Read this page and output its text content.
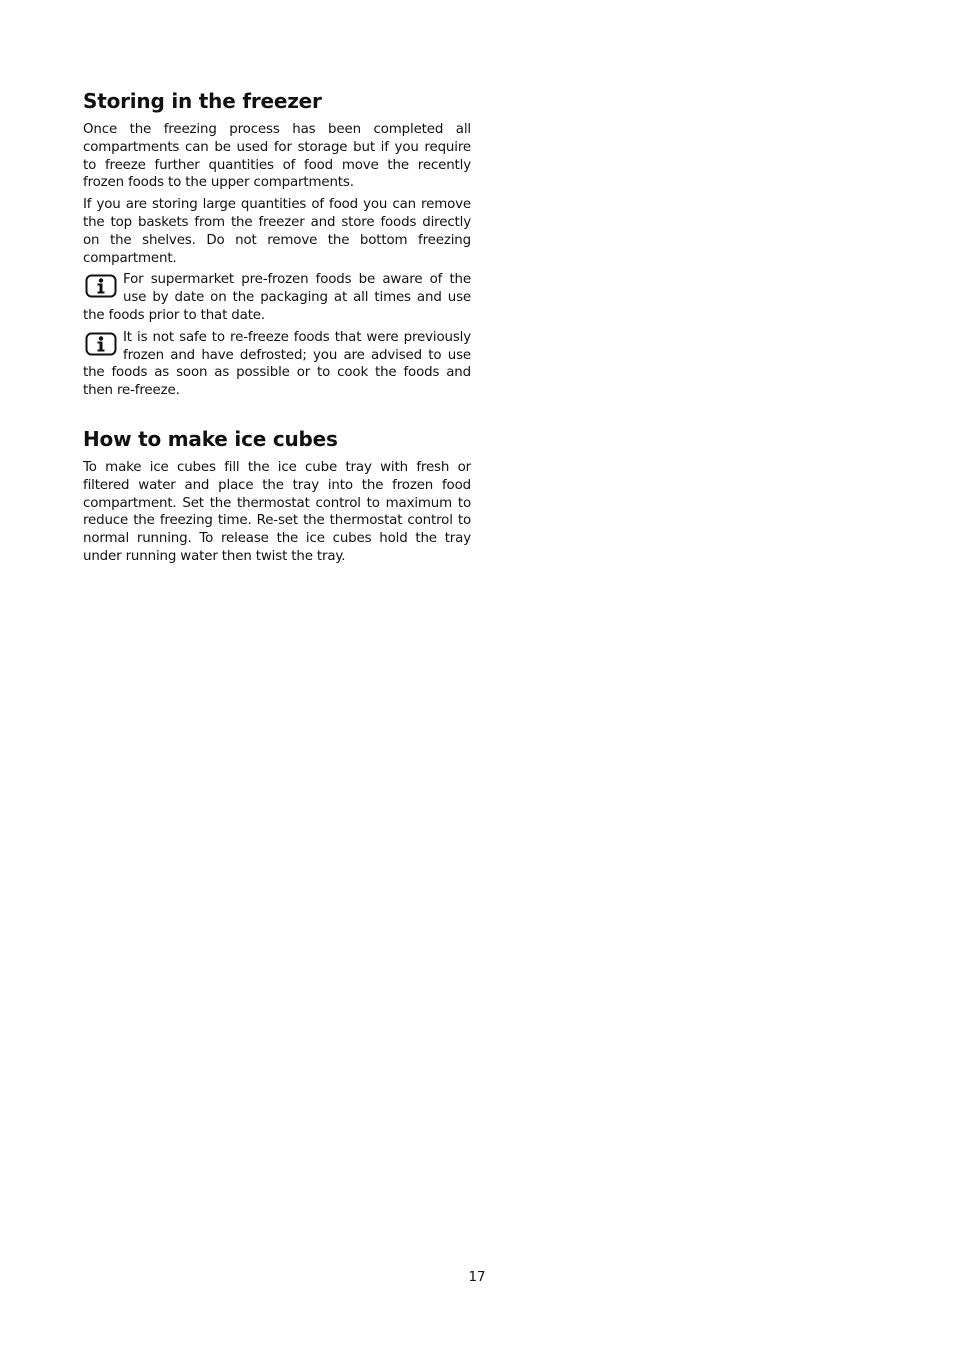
Storing in the freezer

Once the freezing process has been completed all compartments can be used for storage but if you require to freeze further quantities of food move the recently frozen foods to the upper compartments.

If you are storing large quantities of food you can remove the top baskets from the freezer and store foods directly on the shelves. Do not remove the bottom freezing compartment.

For supermarket pre-frozen foods be aware of the use by date on the packaging at all times and use the foods prior to that date.

It is not safe to re-freeze foods that were previously frozen and have defrosted; you are advised to use the foods as soon as possible or to cook the foods and then re-freeze.

How to make ice cubes

To make ice cubes fill the ice cube tray with fresh or filtered water and place the tray into the frozen food compartment. Set the thermostat control to maximum to reduce the freezing time. Re-set the thermostat control to normal running. To release the ice cubes hold the tray under running water then twist the tray.

17
